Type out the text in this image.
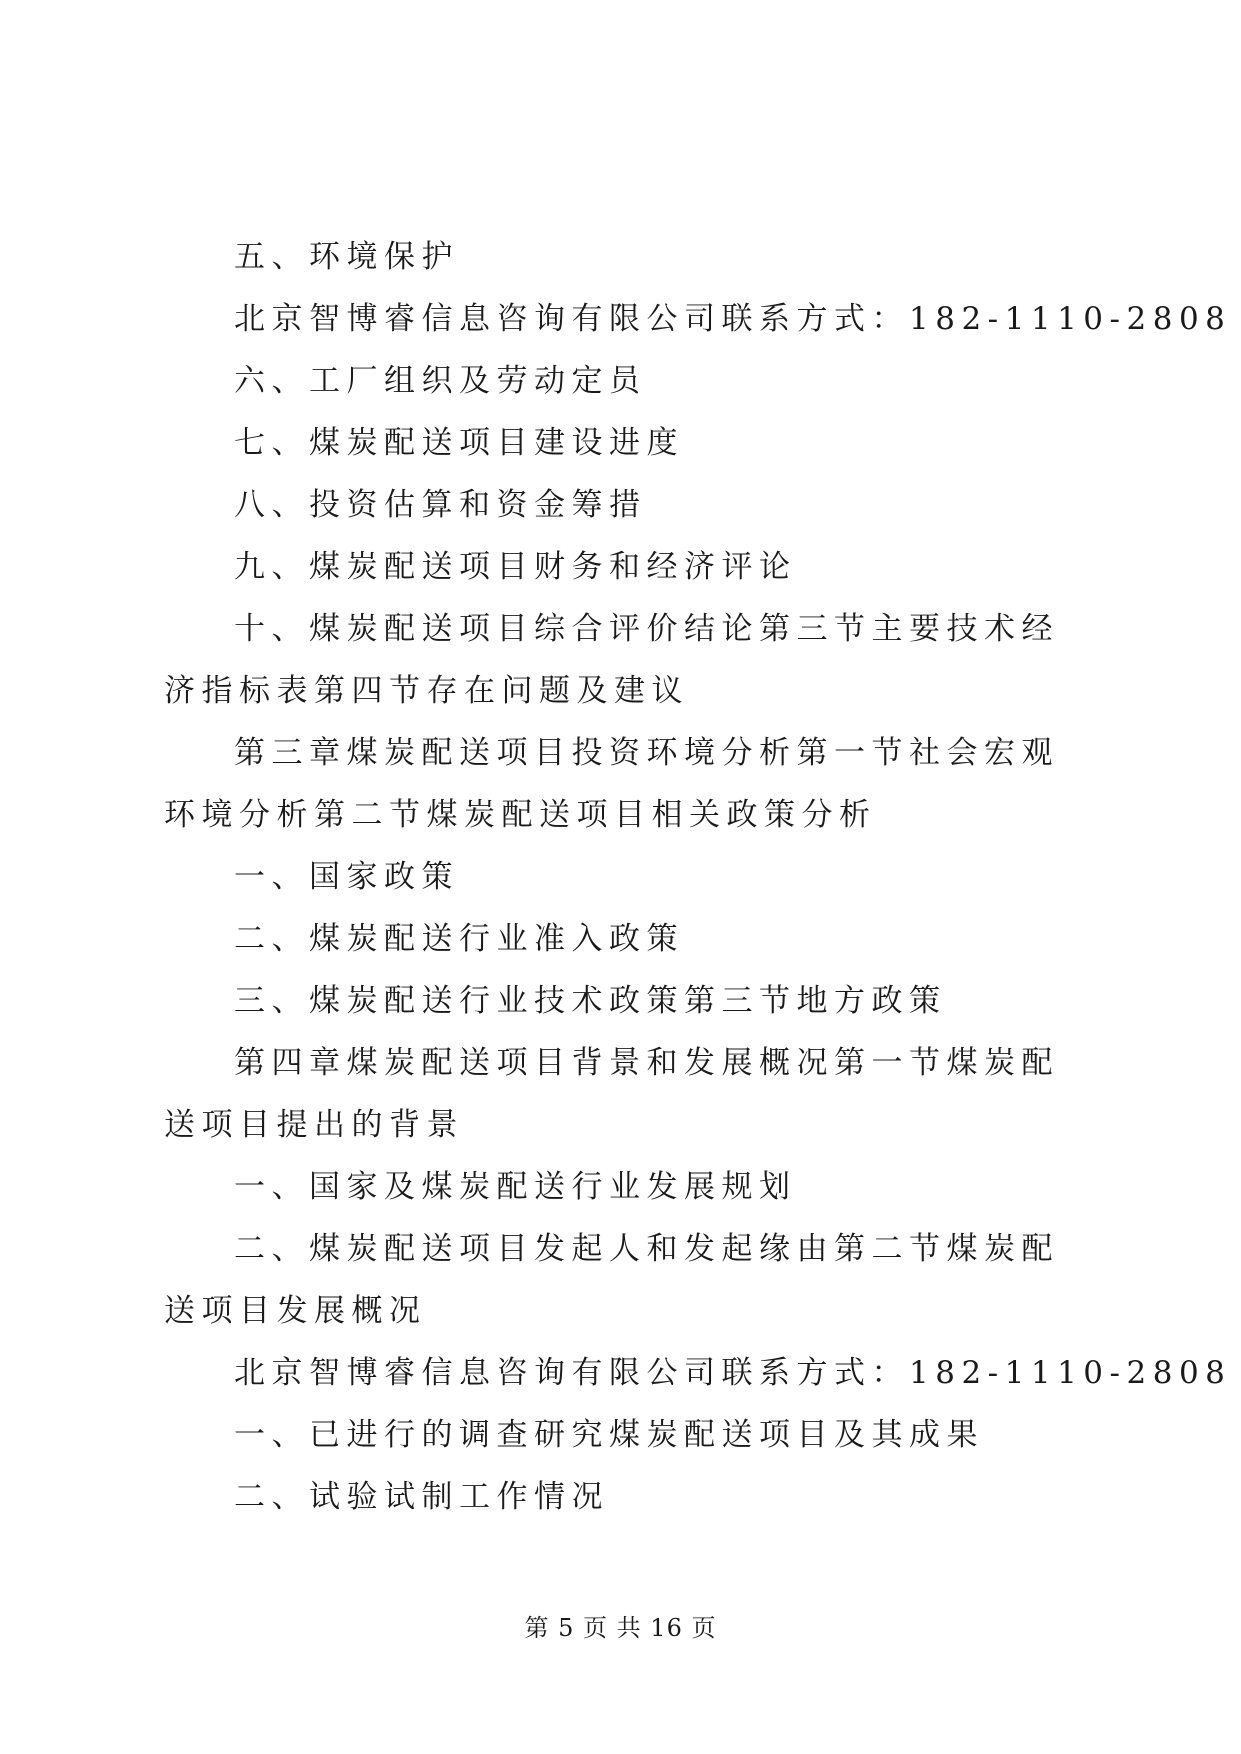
五、环境保护

北京智博睿信息咨询有限公司联系方式：182-1110-2808

六、工厂组织及劳动定员

七、煤炭配送项目建设进度

八、投资估算和资金筹措

九、煤炭配送项目财务和经济评论

十、煤炭配送项目综合评价结论第三节主要技术经济指标表第四节存在问题及建议

第三章煤炭配送项目投资环境分析第一节社会宏观环境分析第二节煤炭配送项目相关政策分析

一、国家政策

二、煤炭配送行业准入政策

三、煤炭配送行业技术政策第三节地方政策

第四章煤炭配送项目背景和发展概况第一节煤炭配送项目提出的背景

一、国家及煤炭配送行业发展规划

二、煤炭配送项目发起人和发起缘由第二节煤炭配送项目发展概况

北京智博睿信息咨询有限公司联系方式：182-1110-2808

一、已进行的调查研究煤炭配送项目及其成果

二、试验试制工作情况

第 5 页 共 16 页
